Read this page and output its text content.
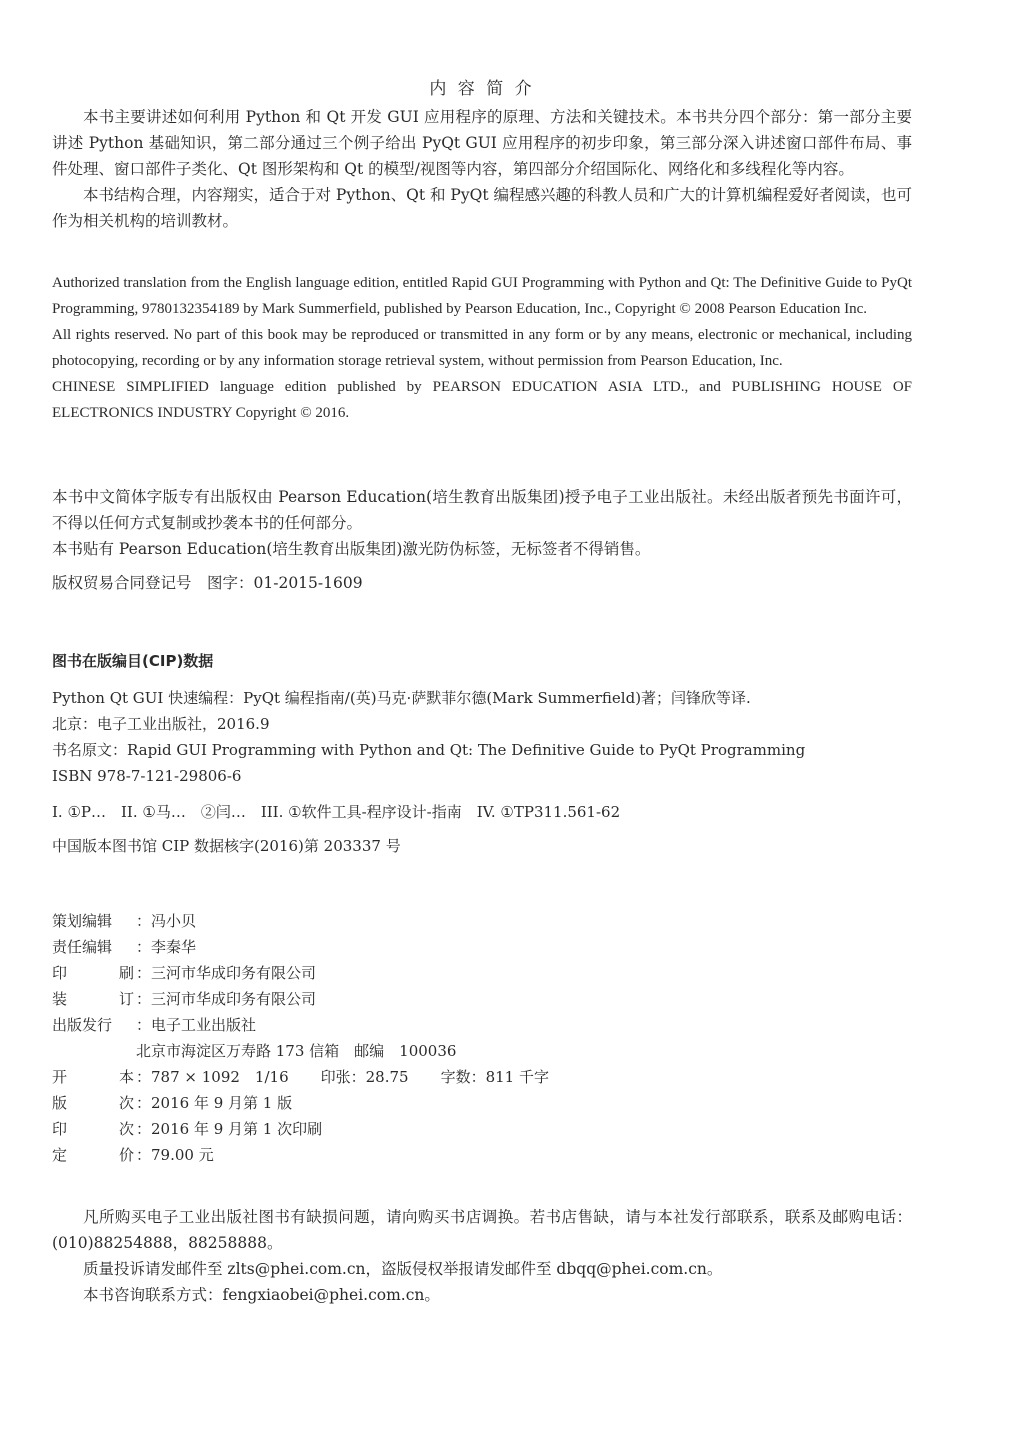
内 容 简 介

本书主要讲述如何利用 Python 和 Qt 开发 GUI 应用程序的原理、方法和关键技术。本书共分四个部分：第一部分主要讲述 Python 基础知识，第二部分通过三个例子给出 PyQt GUI 应用程序的初步印象，第三部分深入讲述窗口部件布局、事件处理、窗口部件子类化、Qt 图形架构和 Qt 的模型/视图等内容，第四部分介绍国际化、网络化和多线程化等内容。

本书结构合理，内容翔实，适合于对 Python、Qt 和 PyQt 编程感兴趣的科教人员和广大的计算机编程爱好者阅读，也可作为相关机构的培训教材。

Authorized translation from the English language edition, entitled Rapid GUI Programming with Python and Qt: The Definitive Guide to PyQt Programming, 9780132354189 by Mark Summerfield, published by Pearson Education, Inc., Copyright © 2008 Pearson Education Inc.

All rights reserved. No part of this book may be reproduced or transmitted in any form or by any means, electronic or mechanical, including photocopying, recording or by any information storage retrieval system, without permission from Pearson Education, Inc.

CHINESE SIMPLIFIED language edition published by PEARSON EDUCATION ASIA LTD., and PUBLISHING HOUSE OF ELECTRONICS INDUSTRY Copyright © 2016.

本书中文简体字版专有出版权由 Pearson Education(培生教育出版集团)授予电子工业出版社。未经出版者预先书面许可，不得以任何方式复制或抄袭本书的任何部分。

本书贴有 Pearson Education(培生教育出版集团)激光防伪标签，无标签者不得销售。

版权贸易合同登记号　图字：01-2015-1609

图书在版编目(CIP)数据

Python Qt GUI 快速编程：PyQt 编程指南/(英)马克·萨默菲尔德(Mark Summerfield)著；闫锋欣等译.

北京：电子工业出版社，2016.9

书名原文：Rapid GUI Programming with Python and Qt: The Definitive Guide to PyQt Programming

ISBN 978-7-121-29806-6

I. ①P…　II. ①马…　②闫…　III. ①软件工具-程序设计-指南　IV. ①TP311.561-62

中国版本图书馆 CIP 数据核字(2016)第 203337 号

策划编辑 ：冯小贝
责任编辑 ：李秦华
印	刷 ：三河市华成印务有限公司
装	订 ：三河市华成印务有限公司
出版发行 ：电子工业出版社
北京市海淀区万寿路 173 信箱　邮编　100036
开	本 ：787 × 1092　1/16 印张：28.75 字数：811 千字
版	次 ：2016 年 9 月第 1 版
印	次 ：2016 年 9 月第 1 次印刷
定	价 ：79.00 元

凡所购买电子工业出版社图书有缺损问题，请向购买书店调换。若书店售缺，请与本社发行部联系，联系及邮购电话：(010)88254888，88258888。

质量投诉请发邮件至 zlts@phei.com.cn，盗版侵权举报请发邮件至 dbqq@phei.com.cn。

本书咨询联系方式：fengxiaobei@phei.com.cn。
